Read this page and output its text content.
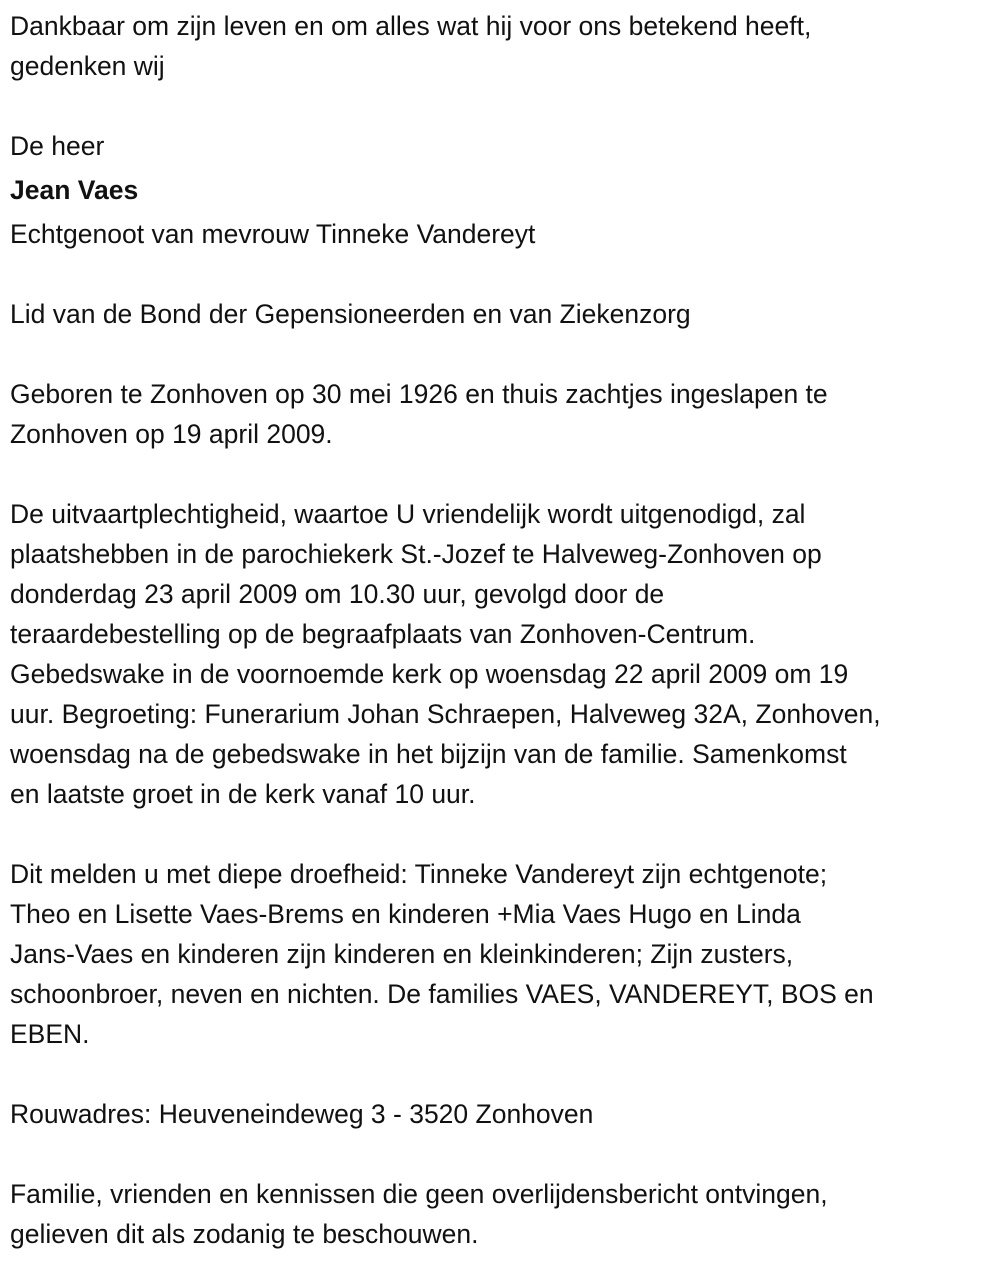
Dankbaar om zijn leven en om alles wat hij voor ons betekend heeft,
gedenken wij
De heer
Jean Vaes
Echtgenoot van mevrouw Tinneke Vandereyt
Lid van de Bond der Gepensioneerden en van Ziekenzorg
Geboren te Zonhoven op 30 mei 1926 en thuis zachtjes ingeslapen te
Zonhoven op 19 april 2009.
De uitvaartplechtigheid, waartoe U vriendelijk wordt uitgenodigd, zal
plaatshebben in de parochiekerk St.-Jozef te Halveweg-Zonhoven op
donderdag 23 april 2009 om 10.30 uur, gevolgd door de
teraardebestelling op de begraafplaats van Zonhoven-Centrum.
Gebedswake in de voornoemde kerk op woensdag 22 april 2009 om 19
uur. Begroeting: Funerarium Johan Schraepen, Halveweg 32A, Zonhoven,
woensdag na de gebedswake in het bijzijn van de familie. Samenkomst
en laatste groet in de kerk vanaf 10 uur.
Dit melden u met diepe droefheid: Tinneke Vandereyt zijn echtgenote;
Theo en Lisette Vaes-Brems en kinderen +Mia Vaes Hugo en Linda
Jans-Vaes en kinderen zijn kinderen en kleinkinderen; Zijn zusters,
schoonbroer, neven en nichten. De families VAES, VANDEREYT, BOS en
EBEN.
Rouwadres: Heuveneindeweg 3 - 3520 Zonhoven
Familie, vrienden en kennissen die geen overlijdensbericht ontvingen,
gelieven dit als zodanig te beschouwen.
